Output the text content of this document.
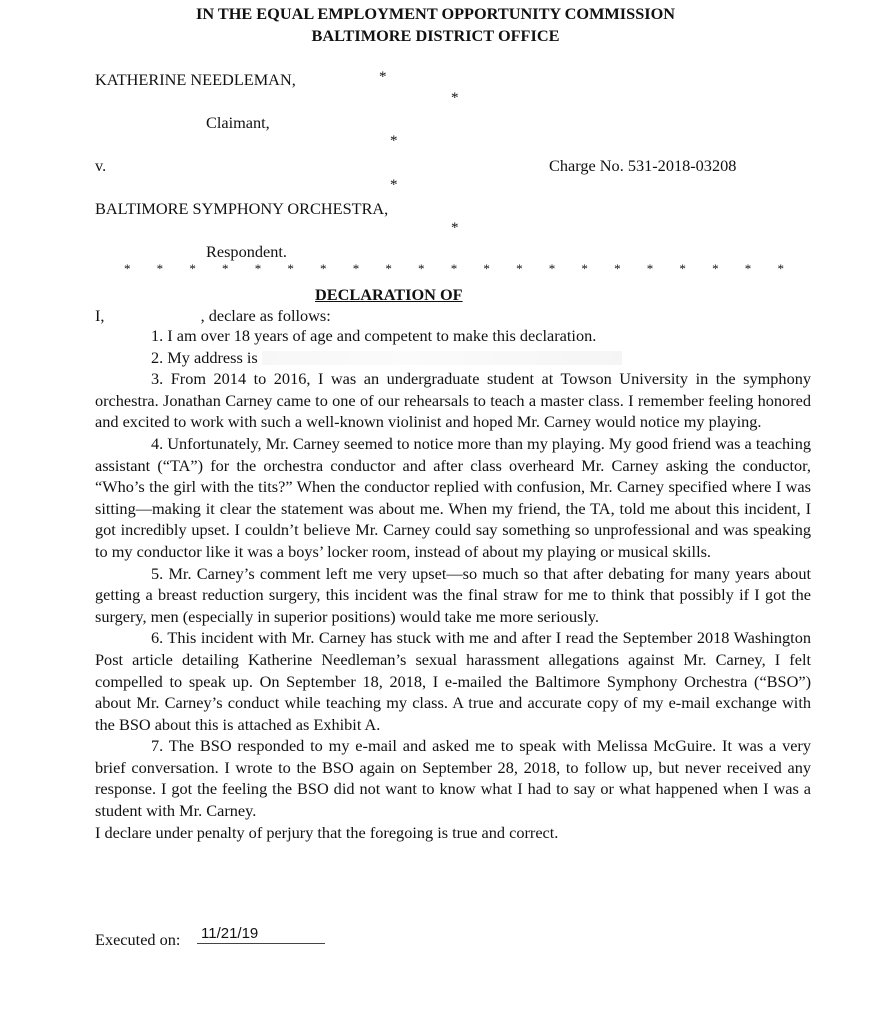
IN THE EQUAL EMPLOYMENT OPPORTUNITY COMMISSION
BALTIMORE DISTRICT OFFICE
KATHERINE NEEDLEMAN,	*
*
Claimant,
*
v.	Charge No. 531-2018-03208
*
BALTIMORE SYMPHONY ORCHESTRA,
*
Respondent.
* * * * * * * * * * * * * * * * * * * * *
DECLARATION OF
I,	, declare as follows:

1. I am over 18 years of age and competent to make this declaration.

2. My address is

3. From 2014 to 2016, I was an undergraduate student at Towson University in the symphony orchestra. Jonathan Carney came to one of our rehearsals to teach a master class. I remember feeling honored and excited to work with such a well-known violinist and hoped Mr. Carney would notice my playing.

4. Unfortunately, Mr. Carney seemed to notice more than my playing. My good friend was a teaching assistant (“TA”) for the orchestra conductor and after class overheard Mr. Carney asking the conductor, “Who’s the girl with the tits?” When the conductor replied with confusion, Mr. Carney specified where I was sitting—making it clear the statement was about me. When my friend, the TA, told me about this incident, I got incredibly upset. I couldn’t believe Mr. Carney could say something so unprofessional and was speaking to my conductor like it was a boys’ locker room, instead of about my playing or musical skills.

5. Mr. Carney’s comment left me very upset—so much so that after debating for many years about getting a breast reduction surgery, this incident was the final straw for me to think that possibly if I got the surgery, men (especially in superior positions) would take me more seriously.

6. This incident with Mr. Carney has stuck with me and after I read the September 2018 Washington Post article detailing Katherine Needleman’s sexual harassment allegations against Mr. Carney, I felt compelled to speak up. On September 18, 2018, I e-mailed the Baltimore Symphony Orchestra (“BSO”) about Mr. Carney’s conduct while teaching my class. A true and accurate copy of my e-mail exchange with the BSO about this is attached as Exhibit A.

7. The BSO responded to my e-mail and asked me to speak with Melissa McGuire. It was a very brief conversation. I wrote to the BSO again on September 28, 2018, to follow up, but never received any response. I got the feeling the BSO did not want to know what I had to say or what happened when I was a student with Mr. Carney.

I declare under penalty of perjury that the foregoing is true and correct.

Executed on: 11/21/19
